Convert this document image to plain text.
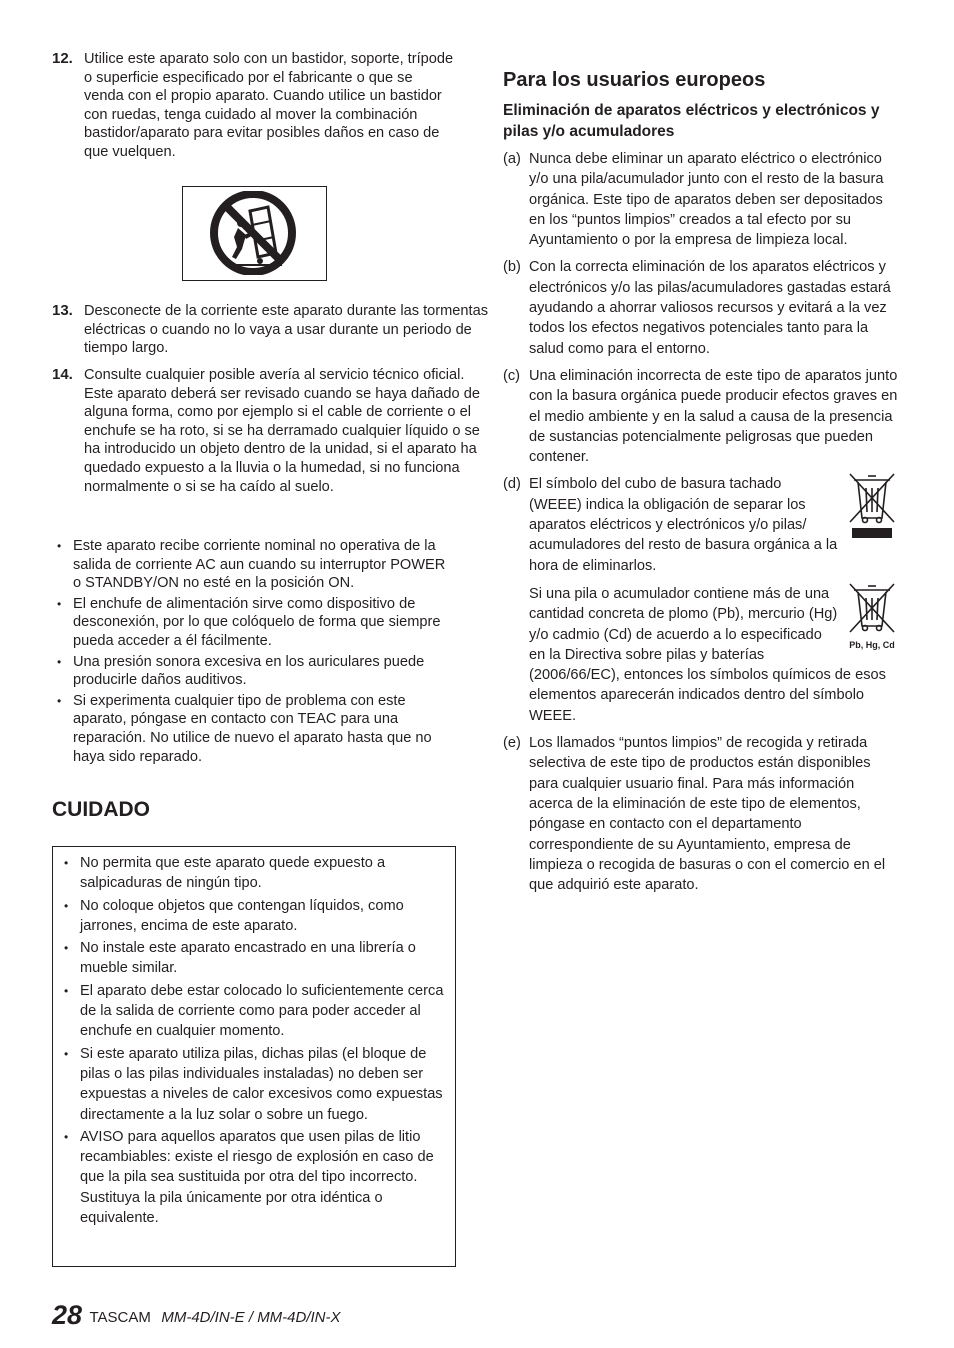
12. Utilice este aparato solo con un bastidor, soporte, trípode o superficie especificado por el fabricante o que se venda con el propio aparato. Cuando utilice un bastidor con ruedas, tenga cuidado al mover la combinación bastidor/aparato para evitar posibles daños en caso de que vuelquen.
13. Desconecte de la corriente este aparato durante las tormentas eléctricas o cuando no lo vaya a usar durante un periodo de tiempo largo.
14. Consulte cualquier posible avería al servicio técnico oficial. Este aparato deberá ser revisado cuando se haya dañado de alguna forma, como por ejemplo si el cable de corriente o el enchufe se ha roto, si se ha derramado cualquier líquido o se ha introducido un objeto dentro de la unidad, si el aparato ha quedado expuesto a la lluvia o la humedad, si no funciona normalmente o si se ha caído al suelo.
• Este aparato recibe corriente nominal no operativa de la salida de corriente AC aun cuando su interruptor POWER o STANDBY/ON no esté en la posición ON.
• El enchufe de alimentación sirve como dispositivo de desconexión, por lo que colóquelo de forma que siempre pueda acceder a él fácilmente.
• Una presión sonora excesiva en los auriculares puede producirle daños auditivos.
• Si experimenta cualquier tipo de problema con este aparato, póngase en contacto con TEAC para una reparación. No utilice de nuevo el aparato hasta que no haya sido reparado.
CUIDADO
• No permita que este aparato quede expuesto a salpicaduras de ningún tipo.
• No coloque objetos que contengan líquidos, como jarrones, encima de este aparato.
• No instale este aparato encastrado en una librería o mueble similar.
• El aparato debe estar colocado lo suficientemente cerca de la salida de corriente como para poder acceder al enchufe en cualquier momento.
• Si este aparato utiliza pilas, dichas pilas (el bloque de pilas o las pilas individuales instaladas) no deben ser expuestas a niveles de calor excesivos como expuestas directamente a la luz solar o sobre un fuego.
• AVISO para aquellos aparatos que usen pilas de litio recambiables: existe el riesgo de explosión en caso de que la pila sea sustituida por otra del tipo incorrecto. Sustituya la pila únicamente por otra idéntica o equivalente.
Para los usuarios europeos
Eliminación de aparatos eléctricos y electrónicos y pilas y/o acumuladores
(a) Nunca debe eliminar un aparato eléctrico o electrónico y/o una pila/acumulador junto con el resto de la basura orgánica. Este tipo de aparatos deben ser depositados en los “puntos limpios” creados a tal efecto por su Ayuntamiento o por la empresa de limpieza local.

(b) Con la correcta eliminación de los aparatos eléctricos y electrónicos y/o las pilas/acumuladores gastadas estará ayudando a ahorrar valiosos recursos y evitará a la vez todos los efectos negativos potenciales tanto para la salud como para el entorno.

(c) Una eliminación incorrecta de este tipo de aparatos junto con la basura orgánica puede producir efectos graves en el medio ambiente y en la salud a causa de la presencia de sustancias potencialmente peligrosas que pueden contener.

(d) El símbolo del cubo de basura tachado (WEEE) indica la obligación de separar los aparatos eléctricos y electrónicos y/o pilas/ acumuladores del resto de basura orgánica a la hora de eliminarlos.

Pb, Hg, Cd
Si una pila o acumulador contiene más de una cantidad concreta de plomo (Pb), mercurio (Hg) y/o cadmio (Cd) de acuerdo a lo especificado en la Directiva sobre pilas y baterías (2006/66/EC), entonces los símbolos químicos de esos elementos aparecerán indicados dentro del símbolo WEEE.

(e) Los llamados “puntos limpios” de recogida y retirada selectiva de este tipo de productos están disponibles para cualquier usuario final. Para más información acerca de la eliminación de este tipo de elementos, póngase en contacto con el departamento correspondiente de su Ayuntamiento, empresa de limpieza o recogida de basuras o con el comercio en el que adquirió este aparato.

28 TASCAM MM-4D/IN-E / MM-4D/IN-X
